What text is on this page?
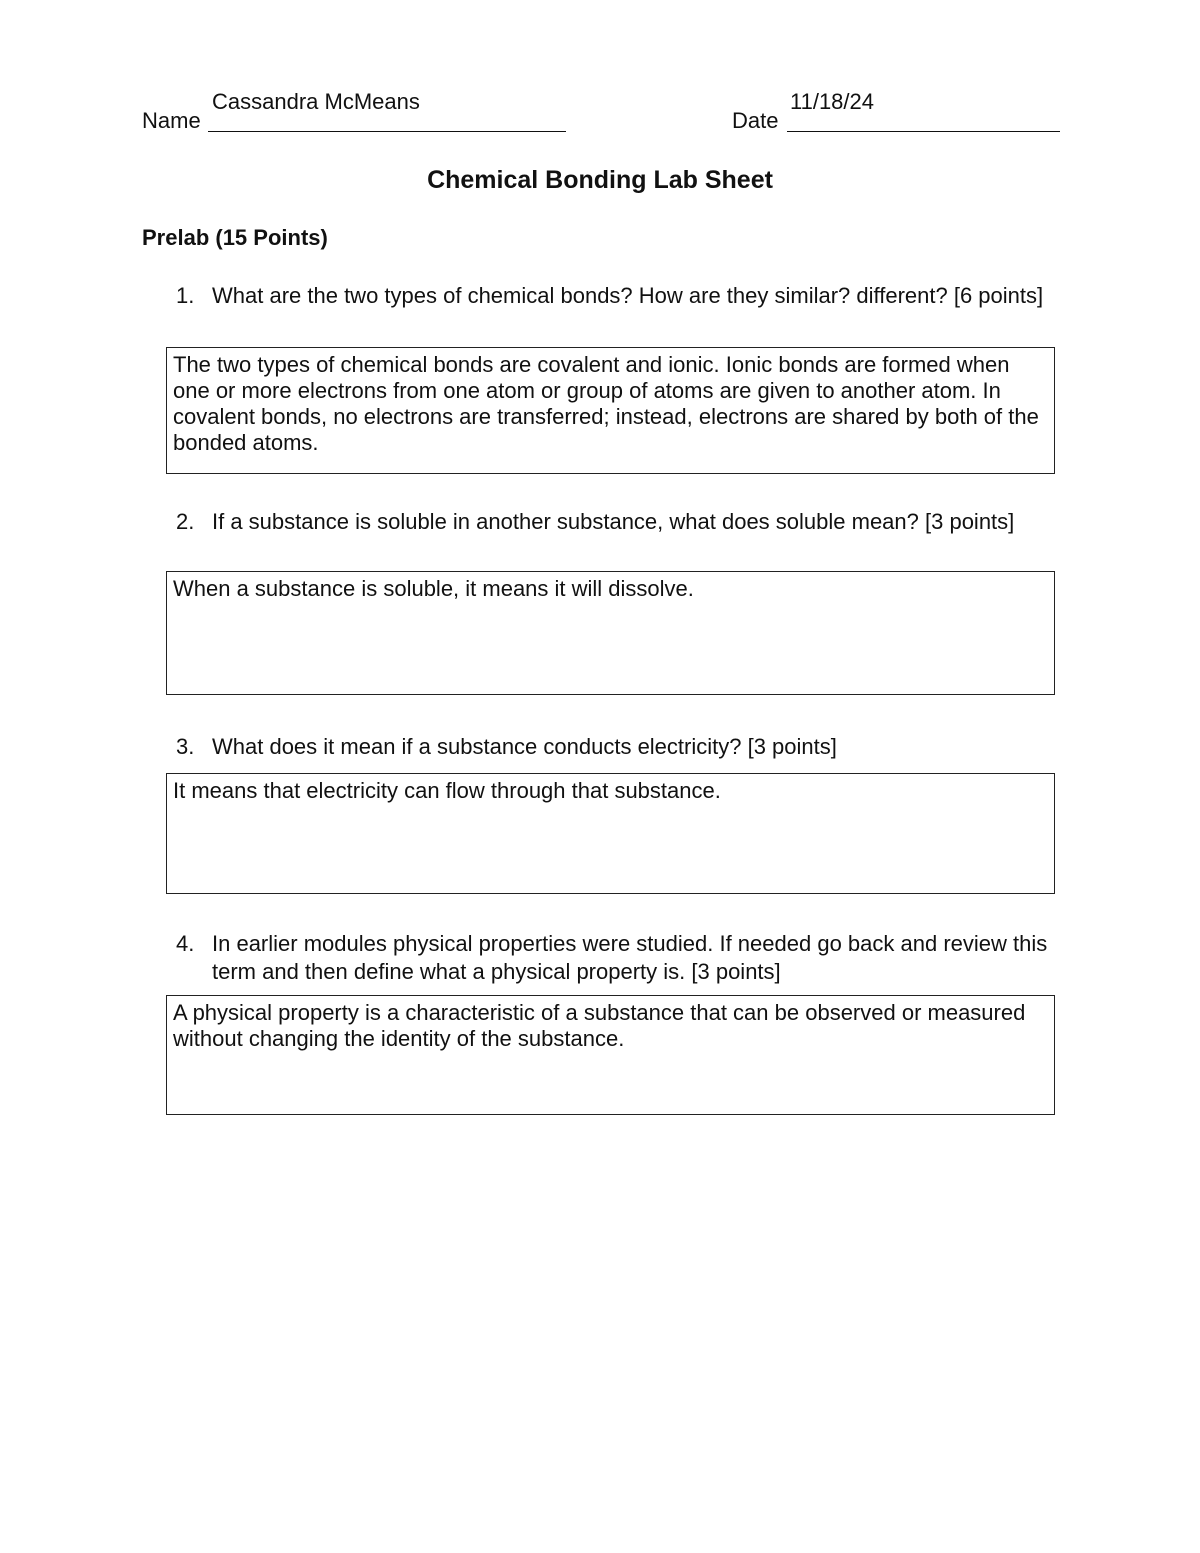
Name
Cassandra McMeans
Date
11/18/24
Chemical Bonding Lab Sheet
Prelab (15 Points)
1. What are the two types of chemical bonds? How are they similar? different? [6 points]
The two types of chemical bonds are covalent and ionic. Ionic bonds are formed when one or more electrons from one atom or group of atoms are given to another atom. In covalent bonds, no electrons are transferred; instead, electrons are shared by both of the bonded atoms.
2. If a substance is soluble in another substance, what does soluble mean? [3 points]
When a substance is soluble, it means it will dissolve.
3. What does it mean if a substance conducts electricity? [3 points]
It means that electricity can flow through that substance.
4. In earlier modules physical properties were studied. If needed go back and review this term and then define what a physical property is. [3 points]
A physical property is a characteristic of a substance that can be observed or measured without changing the identity of the substance.
